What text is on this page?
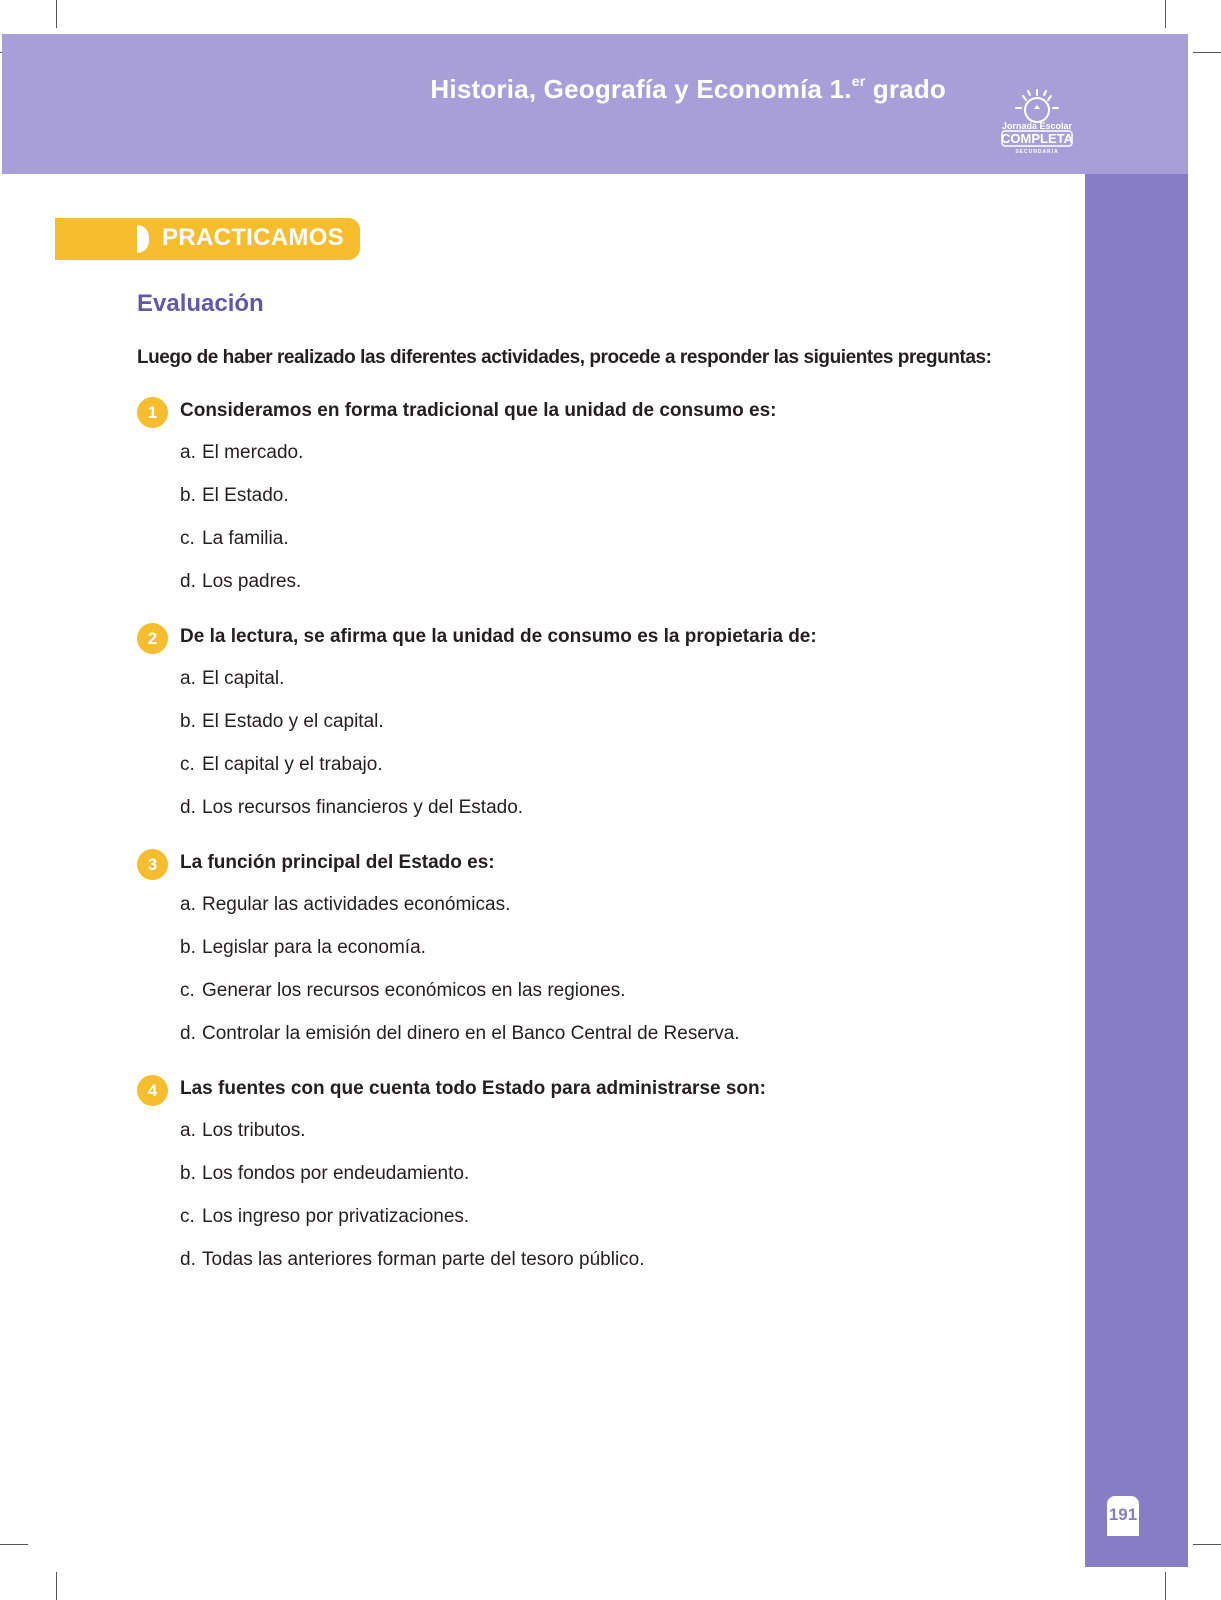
Historia, Geografía y Economía 1.$^{er}$ grado
Jornada Escolar
COMPLETA
SECUNDARIA
191
PRACTICAMOS
Evaluación
Luego de haber realizado las diferentes actividades, procede a responder las siguientes preguntas:
1	Consideramos en forma tradicional que la unidad de consumo es:
a. El mercado.
b. El Estado.
c. La familia.
d. Los padres.
2	De la lectura, se afirma que la unidad de consumo es la propietaria de:
a. El capital.
b. El Estado y el capital.
c. El capital y el trabajo.
d. Los recursos financieros y del Estado.
3	La función principal del Estado es:
a. Regular las actividades económicas.
b. Legislar para la economía.
c. Generar los recursos económicos en las regiones.
d. Controlar la emisión del dinero en el Banco Central de Reserva.
4	Las fuentes con que cuenta todo Estado para administrarse son:
a. Los tributos.
b. Los fondos por endeudamiento.
c. Los ingreso por privatizaciones.
d. Todas las anteriores forman parte del tesoro público.
